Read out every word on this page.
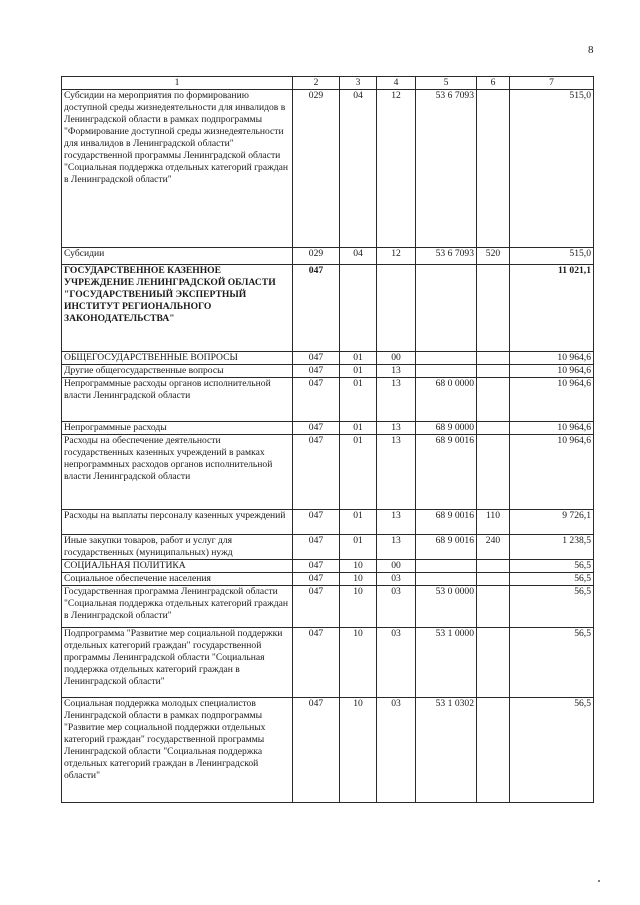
8
1	2	3	4	5	6	7
Субсидии на мероприятия по формированию доступной среды жизнедеятельности для инвалидов в Ленинградской области в рамках подпрограммы "Формирование доступной среды жизнедеятельности для инвалидов в Ленинградской области" государственной программы Ленинградской области "Социальная поддержка отдельных категорий граждан в Ленинградской области"	029	04	12	53 6 7093		515,0
Субсидии	029	04	12	53 6 7093	520	515,0
ГОСУДАРСТВЕННОЕ КАЗЕННОЕ УЧРЕЖДЕНИЕ ЛЕНИНГРАДСКОЙ ОБЛАСТИ "ГОСУДАРСТВЕНИЫЙ ЭКСПЕРТНЫЙ ИНСТИТУТ РЕГИОНАЛЬНОГО ЗАКОНОДАТЕЛЬСТВА"	047					11 021,1
ОБЩЕГОСУДАРСТВЕННЫЕ ВОПРОСЫ	047	01	00			10 964,6
Другие общегосударственные вопросы	047	01	13			10 964,6
Непрограммные расходы органов исполнительной власти Ленинградской области	047	01	13	68 0 0000		10 964,6
Непрограммные расходы	047	01	13	68 9 0000		10 964,6
Расходы на обеспечение деятельности государственных казенных учреждений в рамках непрограммных расходов органов исполнительной власти Ленинградской области	047	01	13	68 9 0016		10 964,6
Расходы на выплаты персоналу казенных учреждений	047	01	13	68 9 0016	110	9 726,1
Иные закупки товаров, работ и услуг для государственных (муниципальных) нужд	047	01	13	68 9 0016	240	1 238,5
СОЦИАЛЬНАЯ ПОЛИТИКА	047	10	00			56,5
Социальное обеспечение населения	047	10	03			56,5
Государственная программа Ленинградской области "Социальная поддержка отдельных категорий граждан в Ленинградской области"	047	10	03	53 0 0000		56,5
Подпрограмма "Развитие мер социальной поддержки отдельных категорий граждан" государственной программы Ленинградской области "Социальная поддержка отдельных категорий граждан в Ленинградской области"	047	10	03	53 1 0000		56,5
Социальная поддержка молодых специалистов Ленинградской области в рамках подпрограммы "Развитие мер социальной поддержки отдельных категорий граждан" государственной программы Ленинградской области "Социальная поддержка отдельных категорий граждан в Ленинградской области"	047	10	03	53 1 0302		56,5
